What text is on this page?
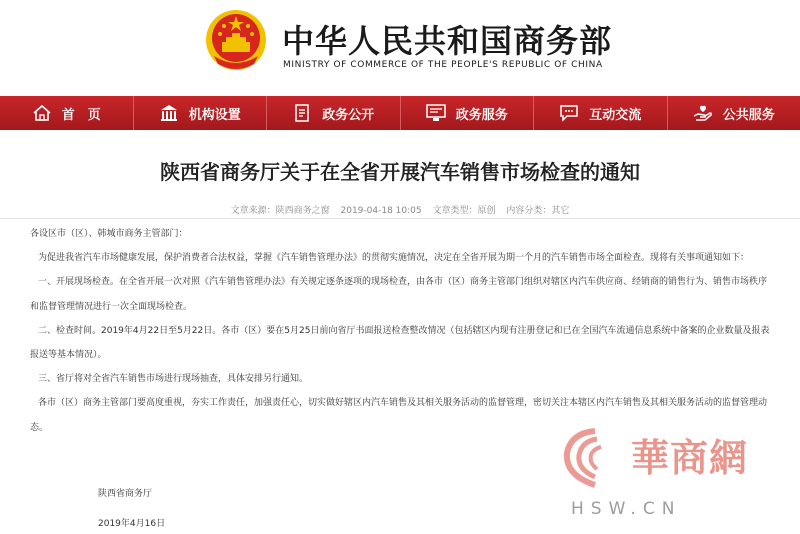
中华人民共和国商务部
MINISTRY OF COMMERCE OF THE PEOPLE'S REPUBLIC OF CHINA
首　页	机构设置	政务公开	政务服务	互动交流	公共服务
陕西省商务厅关于在全省开展汽车销售市场检查的通知
文章来源：陕西商务之窗 2019-04-18 10:05 文章类型：原创 内容分类：其它

各设区市（区）、韩城市商务主管部门：

为促进我省汽车市场健康发展，保护消费者合法权益，掌握《汽车销售管理办法》的贯彻实施情况，决定在全省开展为期一个月的汽车销售市场全面检查。现将有关事项通知如下：

一、开展现场检查。在全省开展一次对照《汽车销售管理办法》有关规定逐条逐项的现场检查，由各市（区）商务主管部门组织对辖区内汽车供应商、经销商的销售行为、销售市场秩序和监督管理情况进行一次全面现场检查。

二、检查时间。2019年4月22日至5月22日。各市（区）要在5月25日前向省厅书面报送检查整改情况（包括辖区内现有注册登记和已在全国汽车流通信息系统中备案的企业数量及报表报送等基本情况）。

三、省厅将对全省汽车销售市场进行现场抽查，具体安排另行通知。

各市（区）商务主管部门要高度重视，夯实工作责任，加强责任心，切实做好辖区内汽车销售及其相关服务活动的监督管理，密切关注本辖区内汽车销售及其相关服务活动的监督管理动态。

陕西省商务厅
2019年4月16日
華商網
HSW.CN
